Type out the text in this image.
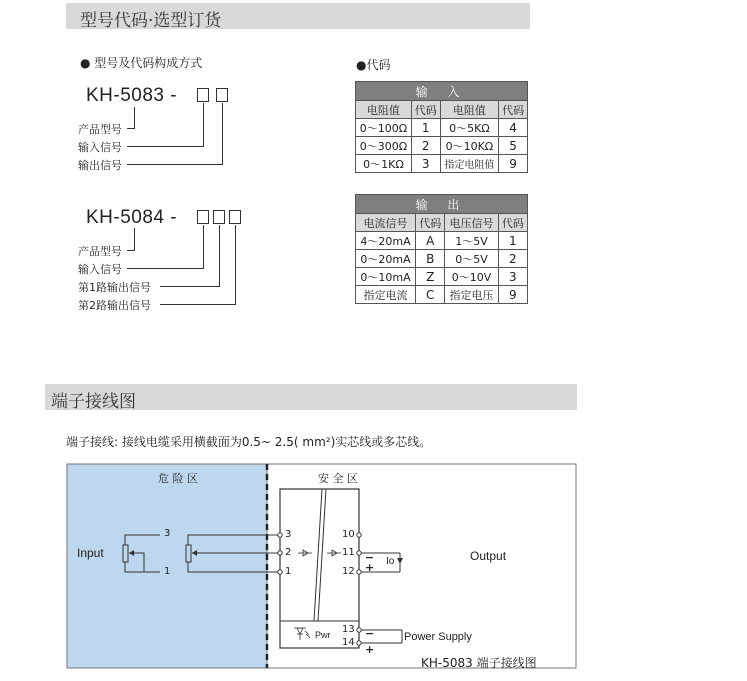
型号代码·选型订货
● 型号及代码构成方式
KH-5083 -
产品型号
输入信号
输出信号
KH-5084 -
产品型号
输入信号
第1路输出信号
第2路输出信号
●代码
输 入			
电阻值	代码	电阻值	代码
0～100Ω	1	0～5KΩ	4
0～300Ω	2	0～10KΩ	5
0～1KΩ	3	指定电阻值	9
输 出			
电流信号	代码	电压信号	代码
4～20mA	A	1～5V	1
0～20mA	B	0～5V	2
0～10mA	Z	0～10V	3
指定电流	C	指定电压	9
端子接线图
端子接线: 接线电缆采用横截面为0.5~ 2.5( mm²)实芯线或多芯线。
危 险 区	安 全 区
Input	Output
Power Supply
Pwr
Io
KH-5083 端子接线图
3
1
3
2
1
10
11
12
13
14
−
+
−
+
